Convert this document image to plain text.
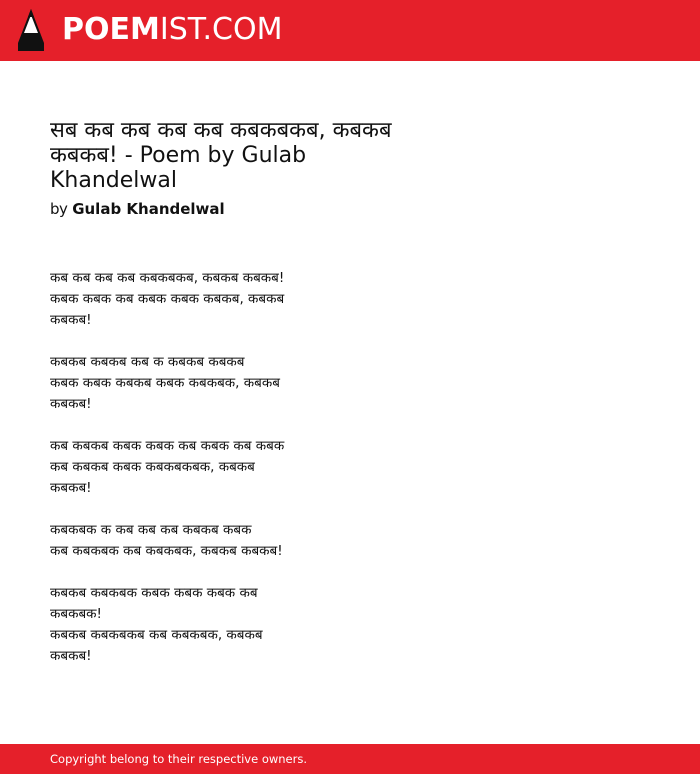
POEMIST.COM
सब कब कब कब कब कबकबकब, कबकब कबकब! - Poem by Gulab Khandelwal
by Gulab Khandelwal

कब कब कब कब कबकबकब, कबकब कबकब!
कबक कबक कब कबक कबक कबकब, कबकब कबकब!

कबकब कबकब कब क कबकब कबकब
कबक कबक कबकब कबक कबकबक, कबकब कबकब!

कब कबकब कबक कबक कब कबक कब कबक
कब कबकब कबक कबकबकबक, कबकब कबकब!

कबकबक क कब कब कब कबकब कबक
कब कबकबक कब कबकबक, कबकब कबकब!

कबकब कबकबक कबक कबक कबक कब कबकबक!
कबकब कबकबकब कब कबकबक, कबकब कबकब!

Copyright belong to their respective owners.
